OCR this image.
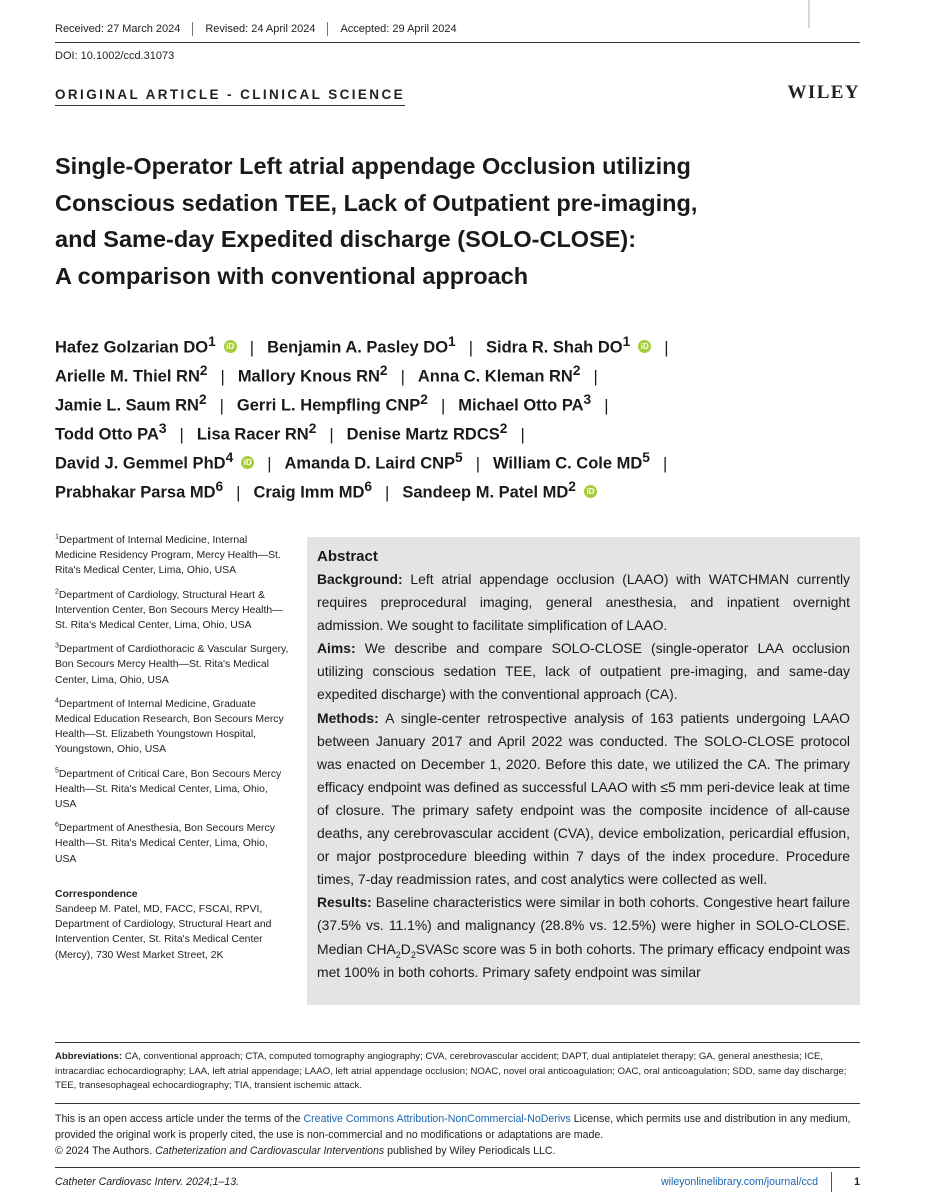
Received: 27 March 2024	Revised: 24 April 2024	Accepted: 29 April 2024
DOI: 10.1002/ccd.31073
ORIGINAL ARTICLE - CLINICAL SCIENCE	WILEY
Single-Operator Left atrial appendage Occlusion utilizing
Conscious sedation TEE, Lack of Outpatient pre-imaging,
and Same-day Expedited discharge (SOLO-CLOSE):
A comparison with conventional approach
Hafez Golzarian $DO^1$ iD | Benjamin A. Pasley $DO^1$ | Sidra R. Shah $DO^1$ iD |
Arielle M. Thiel $RN^2$ | Mallory Knous $RN^2$ | Anna C. Kleman $RN^2$ |
Jamie L. Saum $RN^2$ | Gerri L. Hempfling CNP$^2$ | Michael Otto $PA^3$ |
Todd Otto $PA^3$ | Lisa Racer $RN^2$ | Denise Martz RDCS$^2$ |
David J. Gemmel PhD$^4$ iD | Amanda D. Laird CNP$^5$ | William C. Cole $MD^5$ |
Prabhakar Parsa $MD^6$ | Craig Imm $MD^6$ | Sandeep M. Patel $MD^2$ iD
$^1$Department of Internal Medicine, Internal Medicine Residency Program, Mercy Health—St. Rita's Medical Center, Lima, Ohio, USA
$^2$Department of Cardiology, Structural Heart & Intervention Center, Bon Secours Mercy Health—St. Rita's Medical Center, Lima, Ohio, USA
$^3$Department of Cardiothoracic & Vascular Surgery, Bon Secours Mercy Health—St. Rita's Medical Center, Lima, Ohio, USA
$^4$Department of Internal Medicine, Graduate Medical Education Research, Bon Secours Mercy Health—St. Elizabeth Youngstown Hospital, Youngstown, Ohio, USA
$^5$Department of Critical Care, Bon Secours Mercy Health—St. Rita's Medical Center, Lima, Ohio, USA
$^6$Department of Anesthesia, Bon Secours Mercy Health—St. Rita's Medical Center, Lima, Ohio, USA
Correspondence
Sandeep M. Patel, MD, FACC, FSCAI, RPVI, Department of Cardiology, Structural Heart and Intervention Center, St. Rita's Medical Center (Mercy), 730 West Market Street, 2K
Abstract
Background: Left atrial appendage occlusion (LAAO) with WATCHMAN currently requires preprocedural imaging, general anesthesia, and inpatient overnight admission. We sought to facilitate simplification of LAAO.
Aims: We describe and compare SOLO-CLOSE (single-operator LAA occlusion utilizing conscious sedation TEE, lack of outpatient pre-imaging, and same-day expedited discharge) with the conventional approach (CA).
Methods: A single-center retrospective analysis of 163 patients undergoing LAAO between January 2017 and April 2022 was conducted. The SOLO-CLOSE protocol was enacted on December 1, 2020. Before this date, we utilized the CA. The primary efficacy endpoint was defined as successful LAAO with ≤5 mm peri-device leak at time of closure. The primary safety endpoint was the composite incidence of all-cause deaths, any cerebrovascular accident (CVA), device embolization, pericardial effusion, or major postprocedure bleeding within 7 days of the index procedure. Procedure times, 7-day readmission rates, and cost analytics were collected as well.
Results: Baseline characteristics were similar in both cohorts. Congestive heart failure (37.5% vs. 11.1%) and malignancy (28.8% vs. 12.5%) were higher in SOLO-CLOSE. Median $CHA_2D_2SVASc$ score was 5 in both cohorts. The primary efficacy endpoint was met 100% in both cohorts. Primary safety endpoint was similar
Abbreviations: CA, conventional approach; CTA, computed tomography angiography; CVA, cerebrovascular accident; DAPT, dual antiplatelet therapy; GA, general anesthesia; ICE, intracardiac echocardiography; LAA, left atrial appendage; LAAO, left atrial appendage occlusion; NOAC, novel oral anticoagulation; OAC, oral anticoagulation; SDD, same day discharge; TEE, transesophageal echocardiography; TIA, transient ischemic attack.
This is an open access article under the terms of the Creative Commons Attribution-NonCommercial-NoDerivs License, which permits use and distribution in any medium, provided the original work is properly cited, the use is non-commercial and no modifications or adaptations are made.
© 2024 The Authors. Catheterization and Cardiovascular Interventions published by Wiley Periodicals LLC.
Catheter Cardiovasc Interv. 2024;1–13.	wileyonlinelibrary.com/journal/ccd	1
